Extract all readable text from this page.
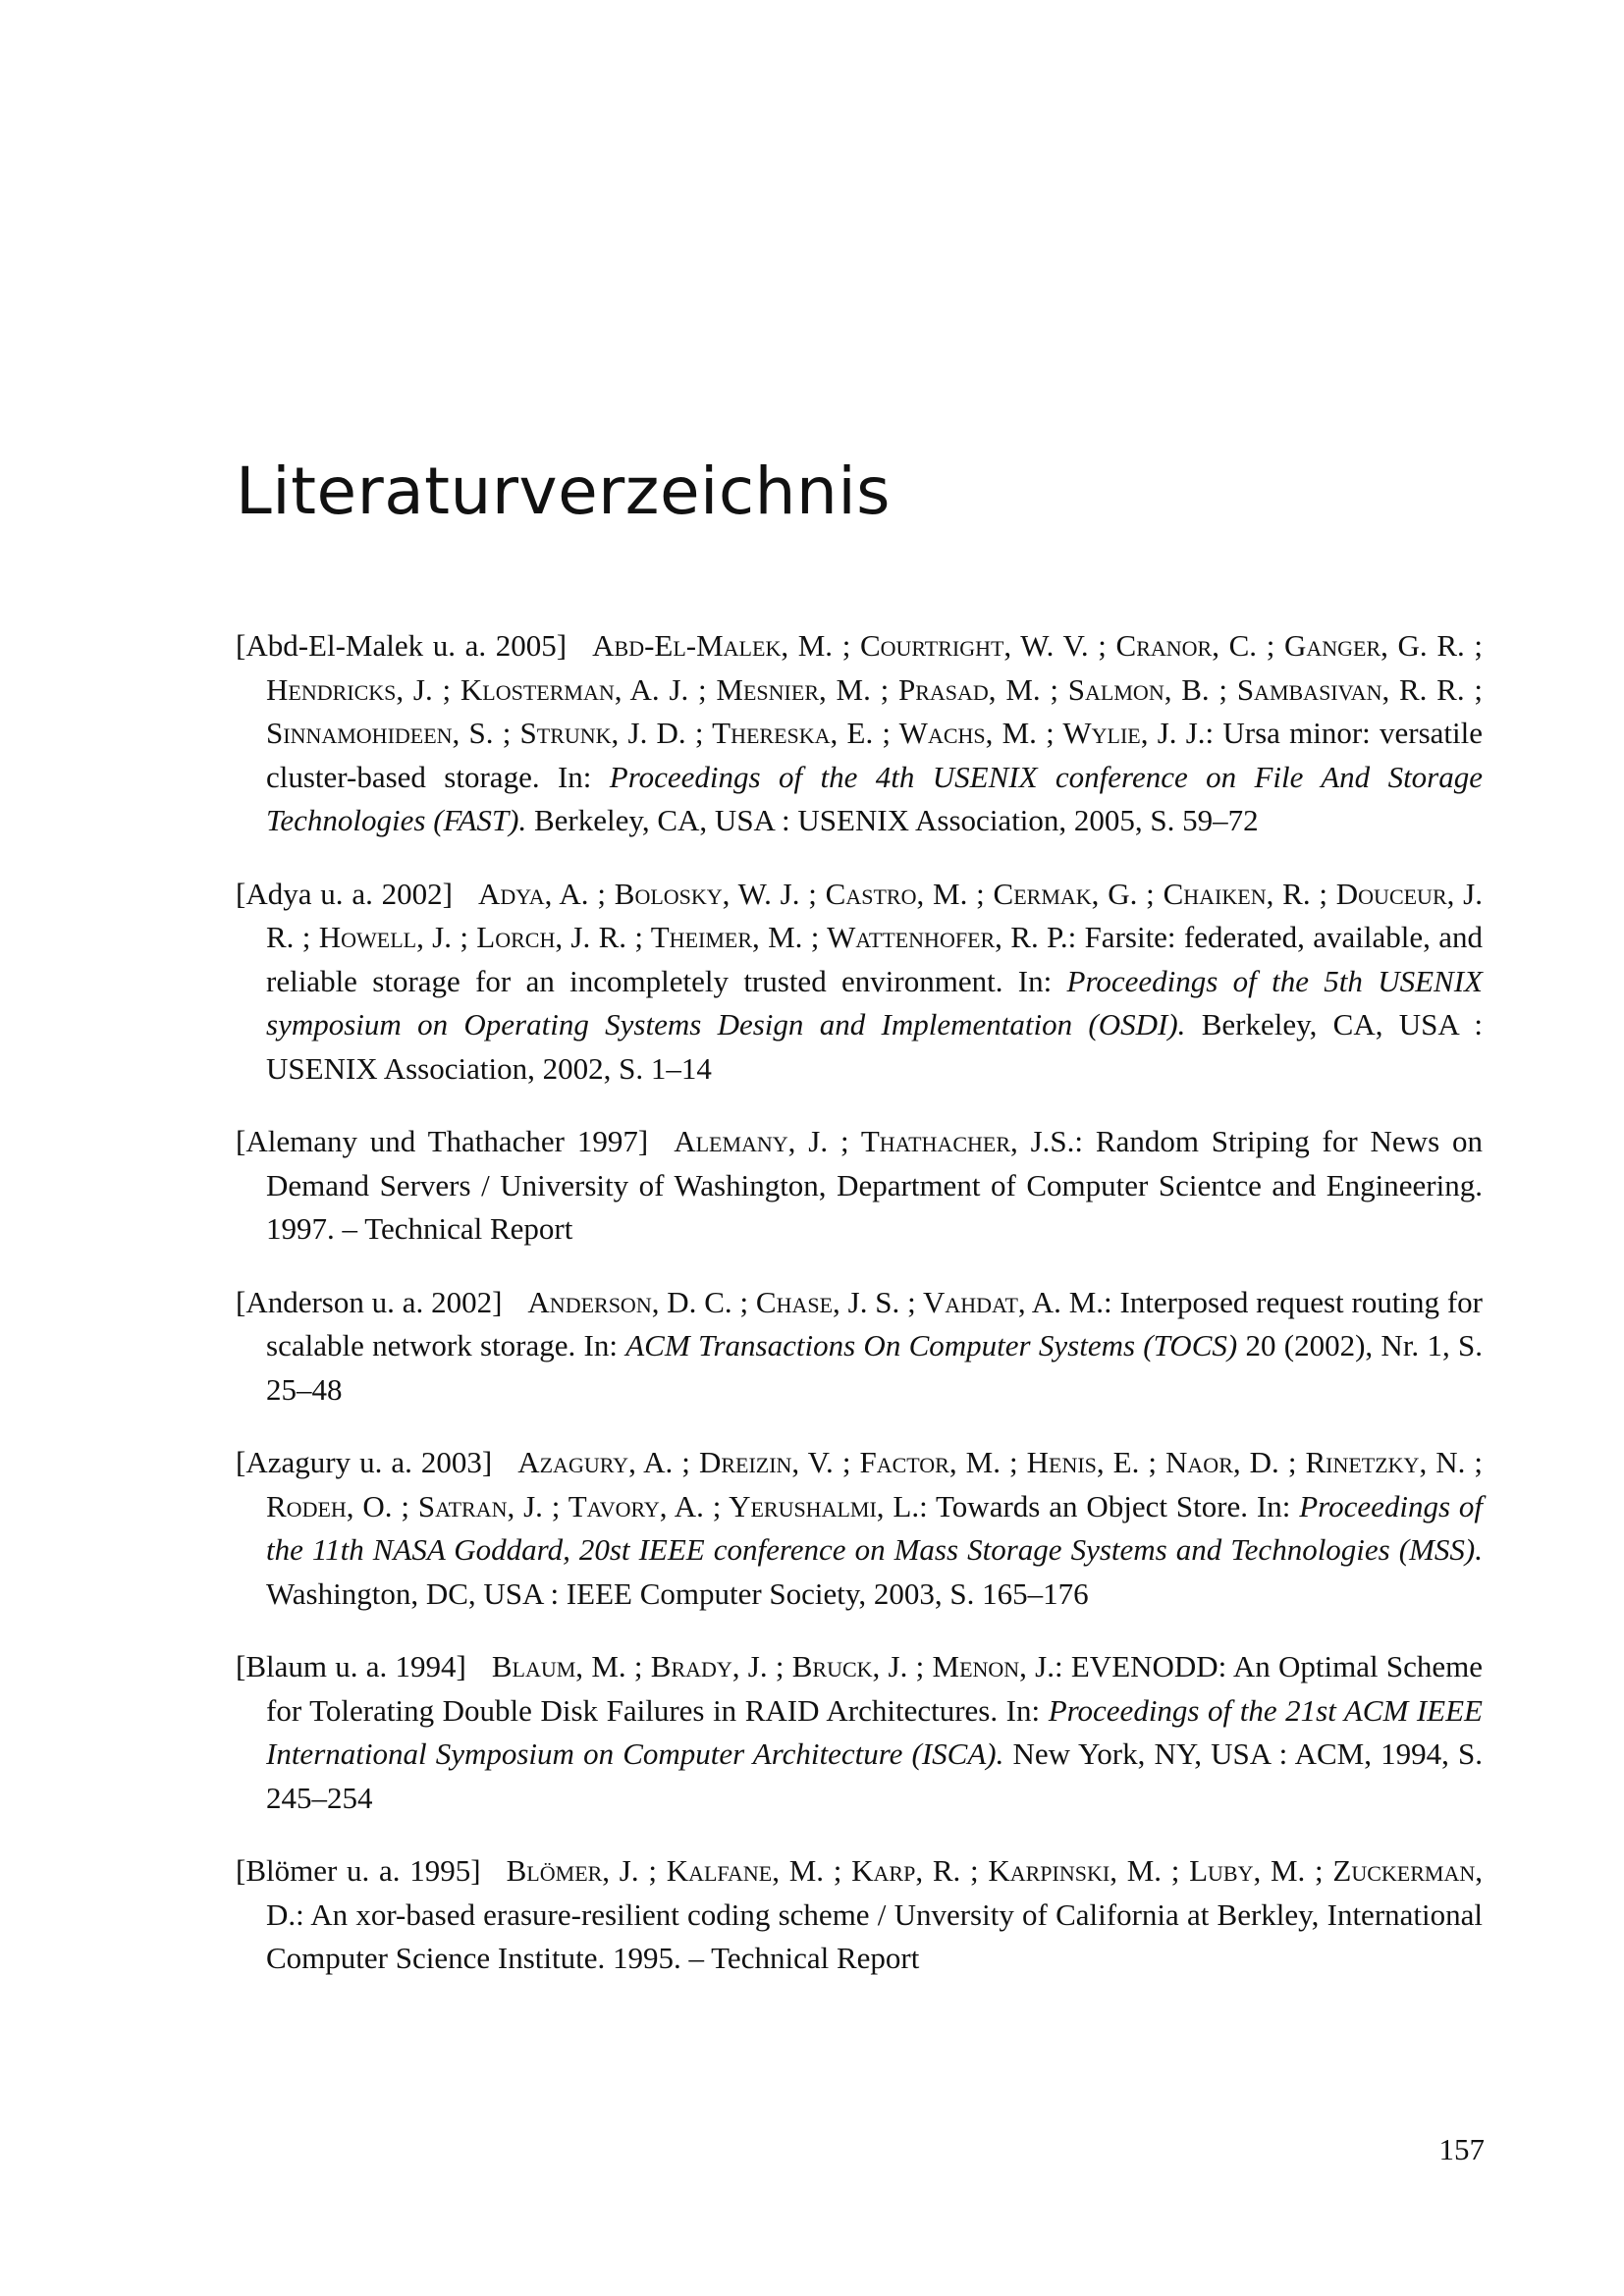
Literaturverzeichnis

[Abd-El-Malek u. a. 2005] Abd-El-Malek, M. ; Courtright, W. V. ; Cranor, C. ; Ganger, G. R. ; Hendricks, J. ; Klosterman, A. J. ; Mesnier, M. ; Prasad, M. ; Salmon, B. ; Sambasivan, R. R. ; Sinnamohideen, S. ; Strunk, J. D. ; Thereska, E. ; Wachs, M. ; Wylie, J. J.: Ursa minor: versatile cluster-based storage. In: Proceedings of the 4th USENIX conference on File And Storage Technologies (FAST). Berkeley, CA, USA : USENIX Association, 2005, S. 59–72

[Adya u. a. 2002] Adya, A. ; Bolosky, W. J. ; Castro, M. ; Cermak, G. ; Chaiken, R. ; Douceur, J. R. ; Howell, J. ; Lorch, J. R. ; Theimer, M. ; Wattenhofer, R. P.: Farsite: federated, available, and reliable storage for an incompletely trusted environment. In: Proceedings of the 5th USENIX symposium on Operating Systems Design and Implementation (OSDI). Berkeley, CA, USA : USENIX Association, 2002, S. 1–14

[Alemany und Thathacher 1997] Alemany, J. ; Thathacher, J.S.: Random Striping for News on Demand Servers / University of Washington, Department of Computer Scientce and Engineering. 1997. – Technical Report

[Anderson u. a. 2002] Anderson, D. C. ; Chase, J. S. ; Vahdat, A. M.: Interposed request routing for scalable network storage. In: ACM Transactions On Computer Systems (TOCS) 20 (2002), Nr. 1, S. 25–48

[Azagury u. a. 2003] Azagury, A. ; Dreizin, V. ; Factor, M. ; Henis, E. ; Naor, D. ; Rinetzky, N. ; Rodeh, O. ; Satran, J. ; Tavory, A. ; Yerushalmi, L.: Towards an Object Store. In: Proceedings of the 11th NASA Goddard, 20st IEEE conference on Mass Storage Systems and Technologies (MSS). Washington, DC, USA : IEEE Computer Society, 2003, S. 165–176

[Blaum u. a. 1994] Blaum, M. ; Brady, J. ; Bruck, J. ; Menon, J.: EVENODD: An Optimal Scheme for Tolerating Double Disk Failures in RAID Architectures. In: Proceedings of the 21st ACM IEEE International Symposium on Computer Architecture (ISCA). New York, NY, USA : ACM, 1994, S. 245–254

[Blömer u. a. 1995] Blömer, J. ; Kalfane, M. ; Karp, R. ; Karpinski, M. ; Luby, M. ; Zuckerman, D.: An xor-based erasure-resilient coding scheme / Unversity of California at Berkley, International Computer Science Institute. 1995. – Technical Report

157
